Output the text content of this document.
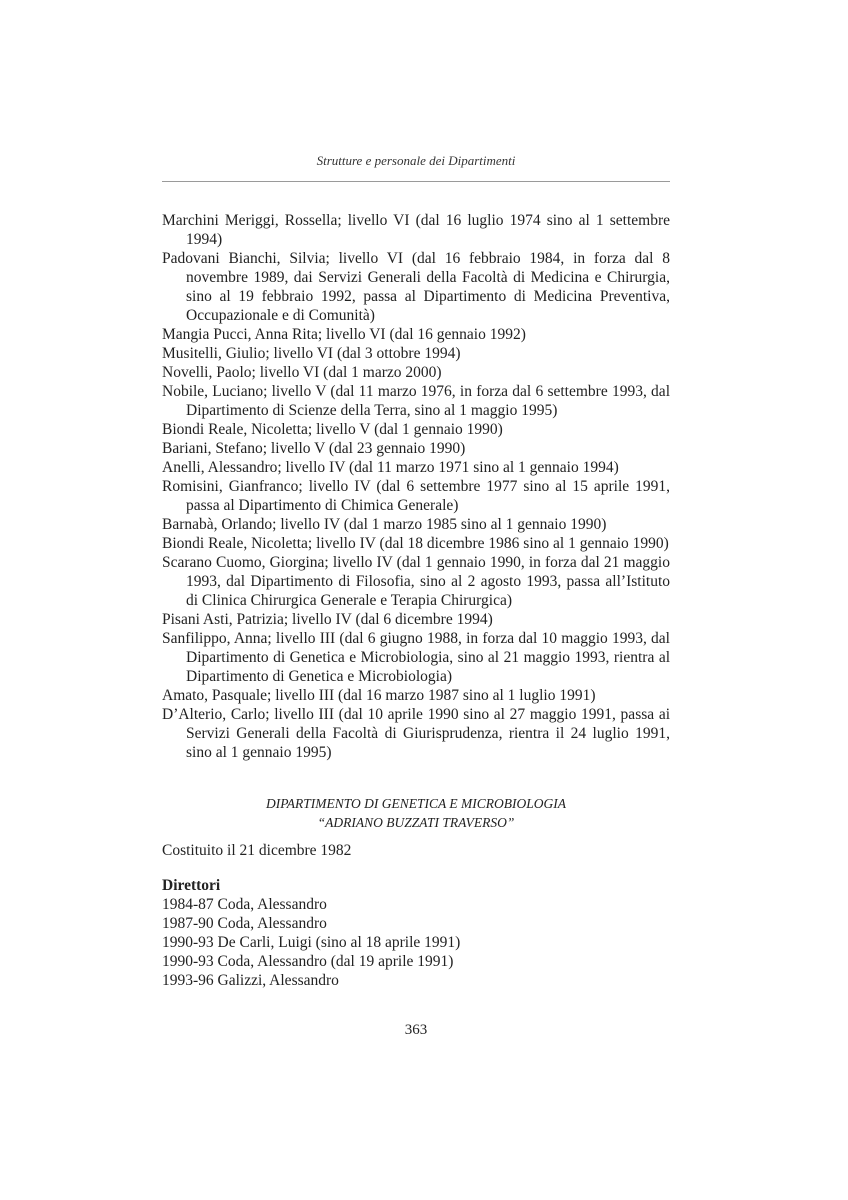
Strutture e personale dei Dipartimenti

Marchini Meriggi, Rossella; livello VI (dal 16 luglio 1974 sino al 1 settembre 1994)

Padovani Bianchi, Silvia; livello VI (dal 16 febbraio 1984, in forza dal 8 novembre 1989, dai Servizi Generali della Facoltà di Medicina e Chirurgia, sino al 19 febbraio 1992, passa al Dipartimento di Medicina Preventiva, Occupazionale e di Comunità)

Mangia Pucci, Anna Rita; livello VI (dal 16 gennaio 1992)

Musitelli, Giulio; livello VI (dal 3 ottobre 1994)

Novelli, Paolo; livello VI (dal 1 marzo 2000)

Nobile, Luciano; livello V (dal 11 marzo 1976, in forza dal 6 settembre 1993, dal Dipartimento di Scienze della Terra, sino al 1 maggio 1995)

Biondi Reale, Nicoletta; livello V (dal 1 gennaio 1990)

Bariani, Stefano; livello V (dal 23 gennaio 1990)

Anelli, Alessandro; livello IV (dal 11 marzo 1971 sino al 1 gennaio 1994)

Romisini, Gianfranco; livello IV (dal 6 settembre 1977 sino al 15 aprile 1991, passa al Dipartimento di Chimica Generale)

Barnabà, Orlando; livello IV (dal 1 marzo 1985 sino al 1 gennaio 1990)

Biondi Reale, Nicoletta; livello IV (dal 18 dicembre 1986 sino al 1 gennaio 1990)

Scarano Cuomo, Giorgina; livello IV (dal 1 gennaio 1990, in forza dal 21 maggio 1993, dal Dipartimento di Filosofia, sino al 2 agosto 1993, passa all’Istituto di Clinica Chirurgica Generale e Terapia Chirurgica)

Pisani Asti, Patrizia; livello IV (dal 6 dicembre 1994)

Sanfilippo, Anna; livello III (dal 6 giugno 1988, in forza dal 10 maggio 1993, dal Dipartimento di Genetica e Microbiologia, sino al 21 maggio 1993, rientra al Dipartimento di Genetica e Microbiologia)

Amato, Pasquale; livello III (dal 16 marzo 1987 sino al 1 luglio 1991)

D’Alterio, Carlo; livello III (dal 10 aprile 1990 sino al 27 maggio 1991, passa ai Servizi Generali della Facoltà di Giurisprudenza, rientra il 24 luglio 1991, sino al 1 gennaio 1995)

DIPARTIMENTO DI GENETICA E MICROBIOLOGIA
“ADRIANO BUZZATI TRAVERSO”
Costituito il 21 dicembre 1982
Direttori
1984-87 Coda, Alessandro
1987-90 Coda, Alessandro
1990-93 De Carli, Luigi (sino al 18 aprile 1991)
1990-93 Coda, Alessandro (dal 19 aprile 1991)
1993-96 Galizzi, Alessandro
363
